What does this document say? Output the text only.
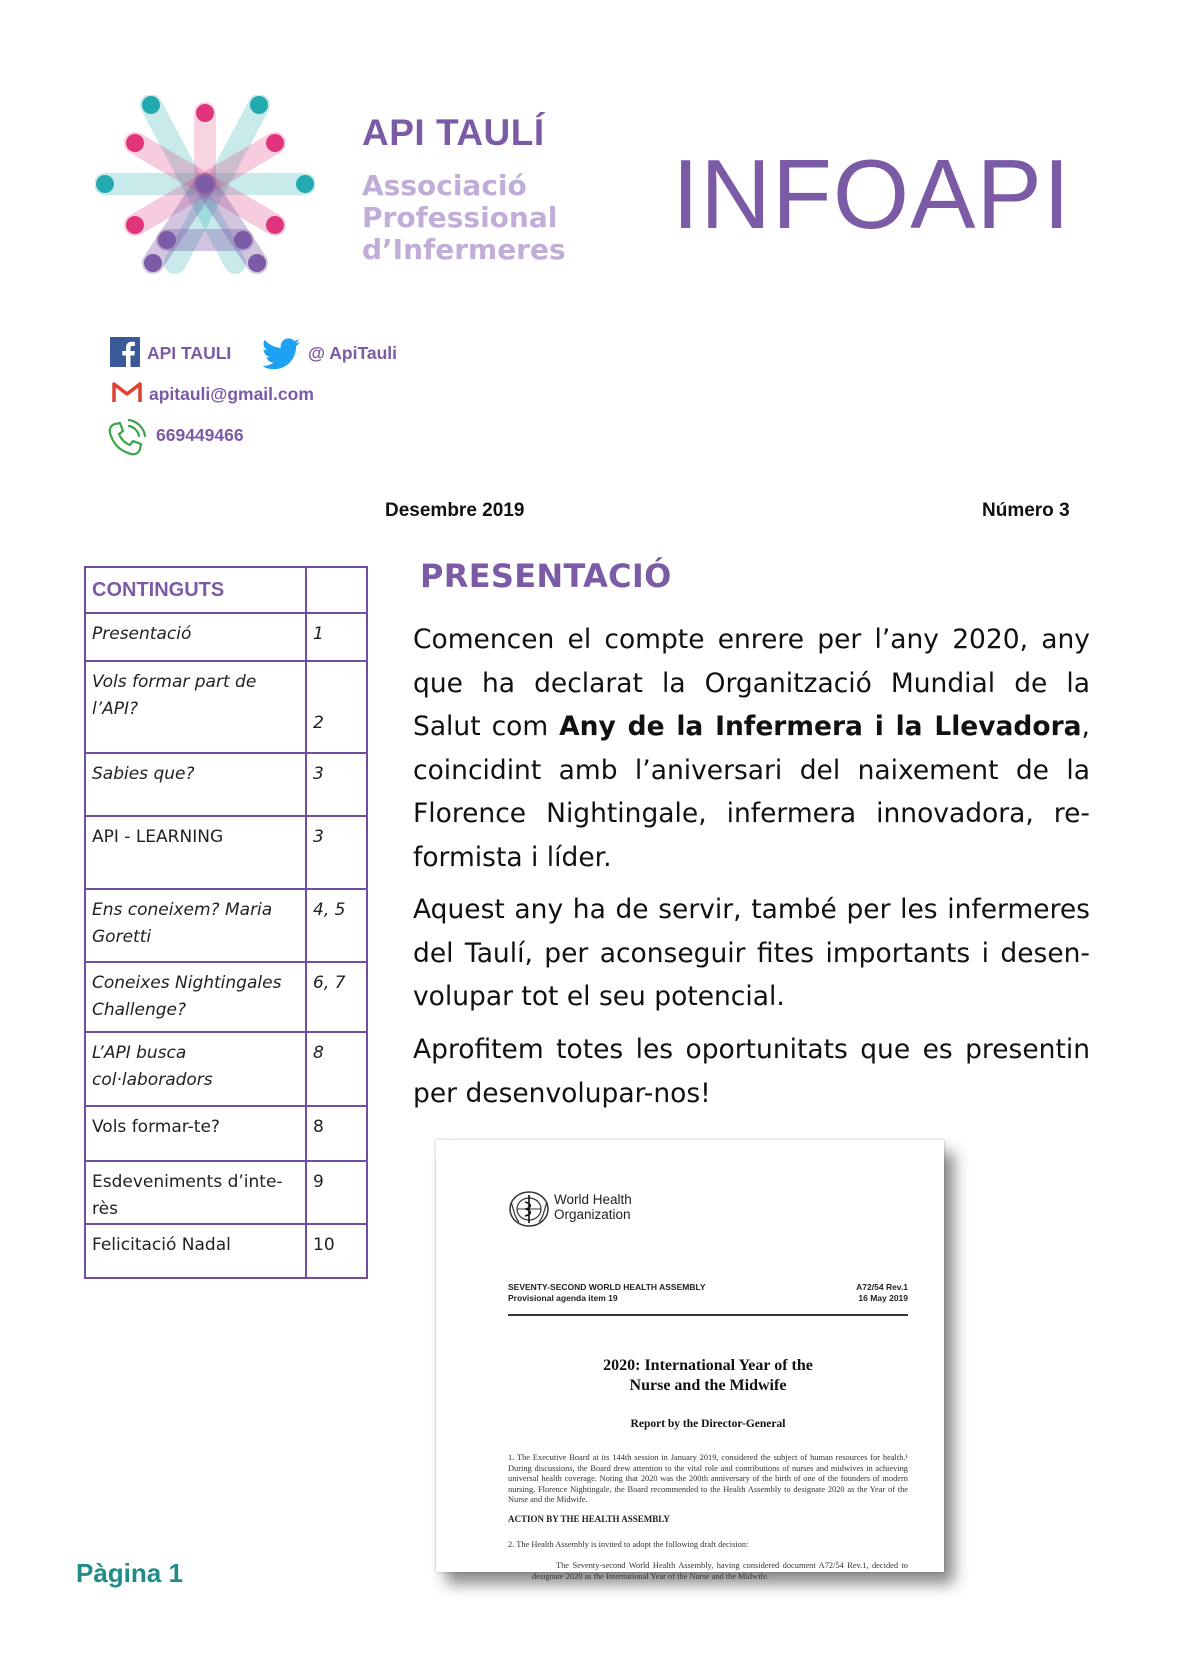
API TAULÍ
Associació
Professional
d’Infermeres
INFOAPI
API TAULI	@ ApiTauli
apitauli@gmail.com
669449466
Desembre 2019	Número 3
CONTINGUTS	
Presentació	1
Vols formar part de
l’API?	2
Sabies que?	3
API - LEARNING	3
Ens coneixem? Maria
Goretti	4, 5
Coneixes Nightingales
Challenge?	6, 7
L’API busca
col·laboradors	8
Vols formar-te?	8
Esdeveniments d’inte-
rès	9
Felicitació Nadal	10
PRESENTACIÓ

Comencen el compte enrere per l’any 2020, any que ha declarat la Organització Mundial de la Salut com Any de la Infermera i la Llevadora, coincidint amb l’aniversari del naixement de la Florence Nightingale, infermera innovadora, re-formista i líder.

Aquest any ha de servir, també per les infermeres del Taulí, per aconseguir fites importants i desen-volupar tot el seu potencial.

Aprofitem totes les oportunitats que es presentin per desenvolupar-nos!

World Health
Organization
SEVENTY-SECOND WORLD HEALTH ASSEMBLY
Provisional agenda item 19
A72/54 Rev.1
16 May 2019
2020: International Year of the
Nurse and the Midwife
Report by the Director-General

1. The Executive Board at its 144th session in January 2019, considered the subject of human resources for health.¹ During discussions, the Board drew attention to the vital role and contributions of nurses and midwives in achieving universal health coverage. Noting that 2020 was the 200th anniversary of the birth of one of the founders of modern nursing, Florence Nightingale, the Board recommended to the Health Assembly to designate 2020 as the Year of the Nurse and the Midwife.

ACTION BY THE HEALTH ASSEMBLY

2. The Health Assembly is invited to adopt the following draft decision:

The Seventy-second World Health Assembly, having considered document A72/54 Rev.1, decided to designate 2020 as the International Year of the Nurse and the Midwife.

Pàgina 1
